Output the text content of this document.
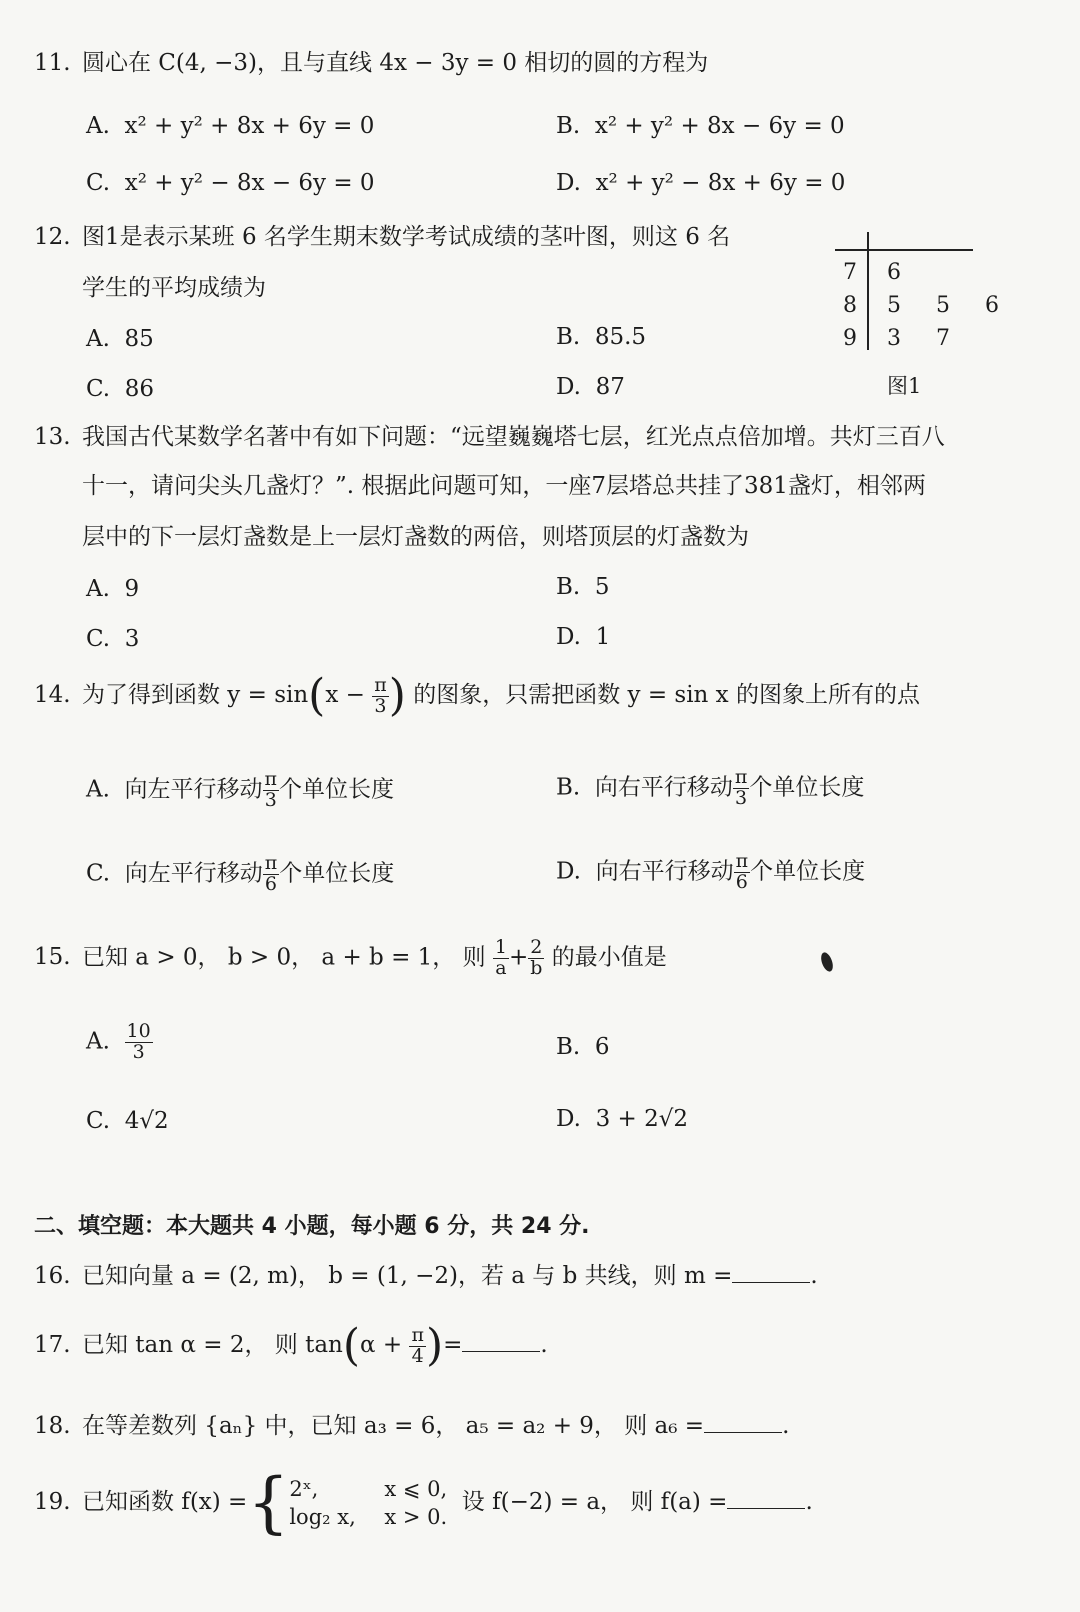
11. 圆心在 C(4, −3)，且与直线 4x − 3y = 0 相切的圆的方程为
A. x² + y² + 8x + 6y = 0	B. x² + y² + 8x − 6y = 0
C. x² + y² − 8x − 6y = 0	D. x² + y² − 8x + 6y = 0
12. 图1是表示某班 6 名学生期末数学考试成绩的茎叶图，则这 6 名
学生的平均成绩为
A. 85	B. 85.5
C. 86	D. 87
7 6
8 5 5 6
9 3 7
图1
13. 我国古代某数学名著中有如下问题：“远望巍巍塔七层，红光点点倍加增。共灯三百八
十一，请问尖头几盏灯？”. 根据此问题可知，一座7层塔总共挂了381盏灯，相邻两
层中的下一层灯盏数是上一层灯盏数的两倍，则塔顶层的灯盏数为
A. 9	B. 5
C. 3	D. 1
14. 为了得到函数 $y = \sin(x - \frac{\pi}{3}$ ) 的图象，只需把函数 y = sin x 的图象上所有的点
A. 向左平行移动 $\frac{\pi}{3}$ 个单位长度	B. 向右平行移动 $\frac{\pi}{3}$ 个单位长度
C. 向左平行移动 $\frac{\pi}{6}$ 个单位长度	D. 向右平行移动 $\frac{\pi}{6}$ 个单位长度
15. 已知 a > 0， b > 0， a + b = 1， 则 $\frac{1}{a} + \frac{2}{b}$ 的最小值是
A. $\frac{10}{3}$	B. 6
C. 4√2	D. 3 + 2√2
二、填空题：本大题共 4 小题，每小题 6 分，共 24 分.
16. 已知向量 a = (2, m)， b = (1, −2)，若 a 与 b 共线，则 m =	.
17. 已知 tan α = 2， 则 $\tan(\alpha + \frac{\pi}{4}$ )=	.
18. 在等差数列 {aₙ} 中，已知 a₃ = 6， a₅ = a₂ + 9， 则 a₆ =	.
19. 已知函数 f(x) ={ 2ˣ,	x ⩽ 0,
log₂ x, x > 0.
设 f(−2) = a， 则 f(a) =	.
